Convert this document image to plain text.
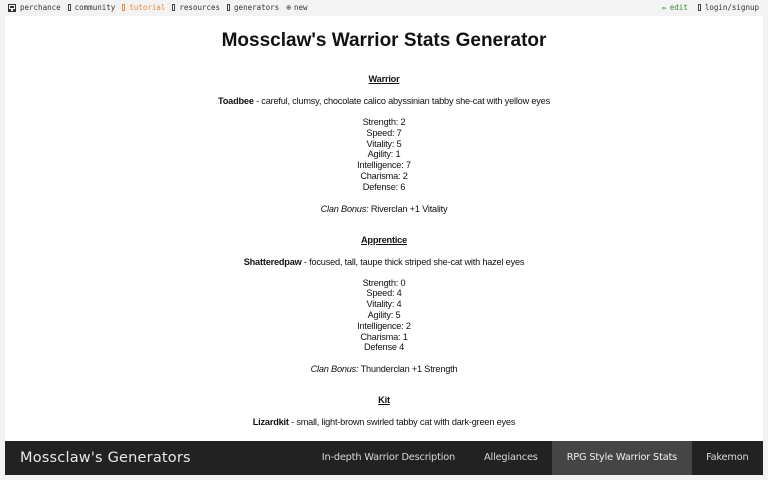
perchance community tutorial resources generators ⊕ new	✏ edit login/signup
Mossclaw's Warrior Stats Generator
Warrior
Toadbee - careful, clumsy, chocolate calico abyssinian tabby she-cat with yellow eyes
Strength: 2
Speed: 7
Vitality: 5
Agility: 1
Intelligence: 7
Charisma: 2
Defense: 6
Clan Bonus: Riverclan +1 Vitality
Apprentice
Shatteredpaw - focused, tall, taupe thick striped she-cat with hazel eyes
Strength: 0
Speed: 4
Vitality: 4
Agility: 5
Intelligence: 2
Charisma: 1
Defense 4
Clan Bonus: Thunderclan +1 Strength
Kit
Lizardkit - small, light-brown swirled tabby cat with dark-green eyes
Mossclaw's Generators	In-depth Warrior Description	Allegiances	RPG Style Warrior Stats	Fakemon
